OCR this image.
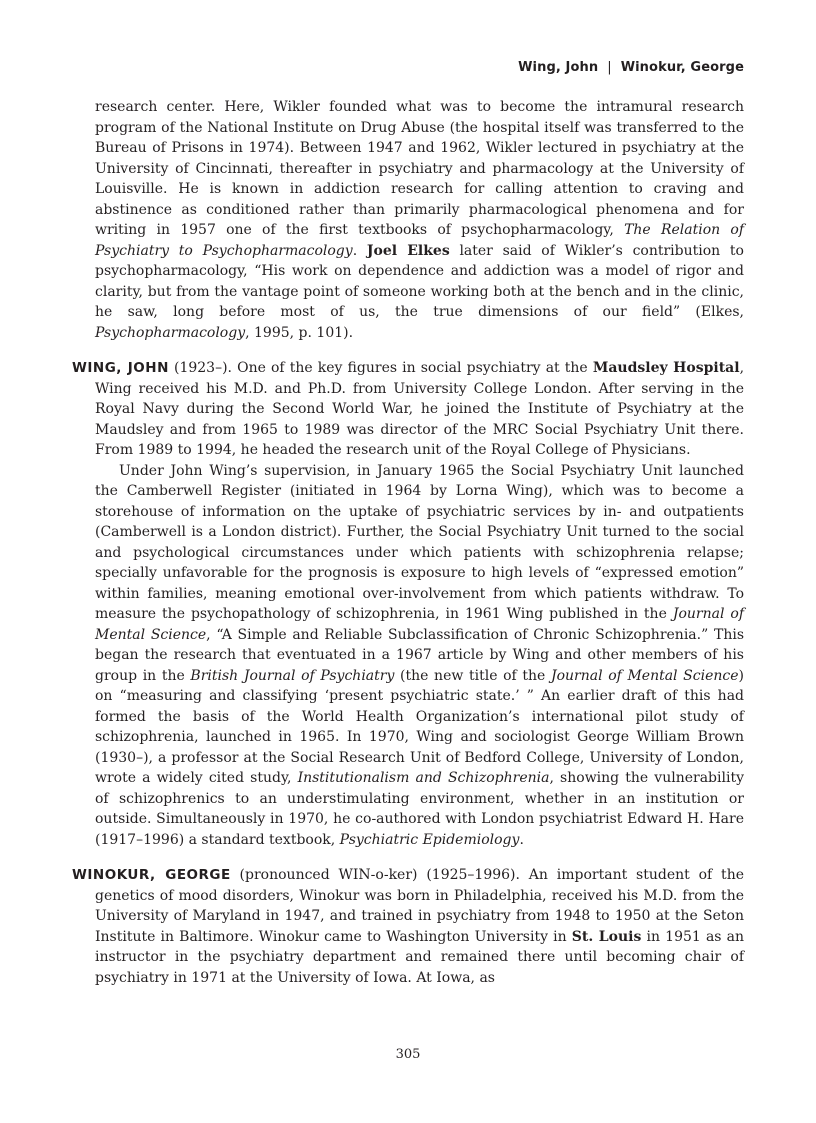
Wing, John | Winokur, George

research center. Here, Wikler founded what was to become the intramural research program of the National Institute on Drug Abuse (the hospital itself was transferred to the Bureau of Prisons in 1974). Between 1947 and 1962, Wikler lectured in psychiatry at the University of Cincinnati, thereafter in psychiatry and pharmacology at the University of Louisville. He is known in addiction research for calling attention to craving and abstinence as conditioned rather than primarily pharmacological phenomena and for writing in 1957 one of the first textbooks of psychopharmacology, The Relation of Psychiatry to Psychopharmacology. Joel Elkes later said of Wikler’s contribution to psychopharmacology, “His work on dependence and addiction was a model of rigor and clarity, but from the vantage point of someone working both at the bench and in the clinic, he saw, long before most of us, the true dimensions of our field” (Elkes, Psychopharmacology, 1995, p. 101).

WING, JOHN (1923–). One of the key figures in social psychiatry at the Maudsley Hospital, Wing received his M.D. and Ph.D. from University College London. After serving in the Royal Navy during the Second World War, he joined the Institute of Psychiatry at the Maudsley and from 1965 to 1989 was director of the MRC Social Psychiatry Unit there. From 1989 to 1994, he headed the research unit of the Royal College of Physicians.

Under John Wing’s supervision, in January 1965 the Social Psychiatry Unit launched the Camberwell Register (initiated in 1964 by Lorna Wing), which was to become a storehouse of information on the uptake of psychiatric services by in- and outpatients (Camberwell is a London district). Further, the Social Psychiatry Unit turned to the social and psychological circumstances under which patients with schizophrenia relapse; specially unfavorable for the prognosis is exposure to high levels of “expressed emotion” within families, meaning emotional over-involvement from which patients withdraw. To measure the psychopathology of schizophrenia, in 1961 Wing published in the Journal of Mental Science, “A Simple and Reliable Subclassification of Chronic Schizophrenia.” This began the research that eventuated in a 1967 article by Wing and other members of his group in the British Journal of Psychiatry (the new title of the Journal of Mental Science) on “measuring and classifying ‘present psychiatric state.’ ” An earlier draft of this had formed the basis of the World Health Organization’s international pilot study of schizophrenia, launched in 1965. In 1970, Wing and sociologist George William Brown (1930–), a professor at the Social Research Unit of Bedford College, University of London, wrote a widely cited study, Institutionalism and Schizophrenia, showing the vulnerability of schizophrenics to an understimulating environment, whether in an institution or outside. Simultaneously in 1970, he co-authored with London psychiatrist Edward H. Hare (1917–1996) a standard textbook, Psychiatric Epidemiology.

WINOKUR, GEORGE (pronounced WIN-o-ker) (1925–1996). An important student of the genetics of mood disorders, Winokur was born in Philadelphia, received his M.D. from the University of Maryland in 1947, and trained in psychiatry from 1948 to 1950 at the Seton Institute in Baltimore. Winokur came to Washington University in St. Louis in 1951 as an instructor in the psychiatry department and remained there until becoming chair of psychiatry in 1971 at the University of Iowa. At Iowa, as

305
